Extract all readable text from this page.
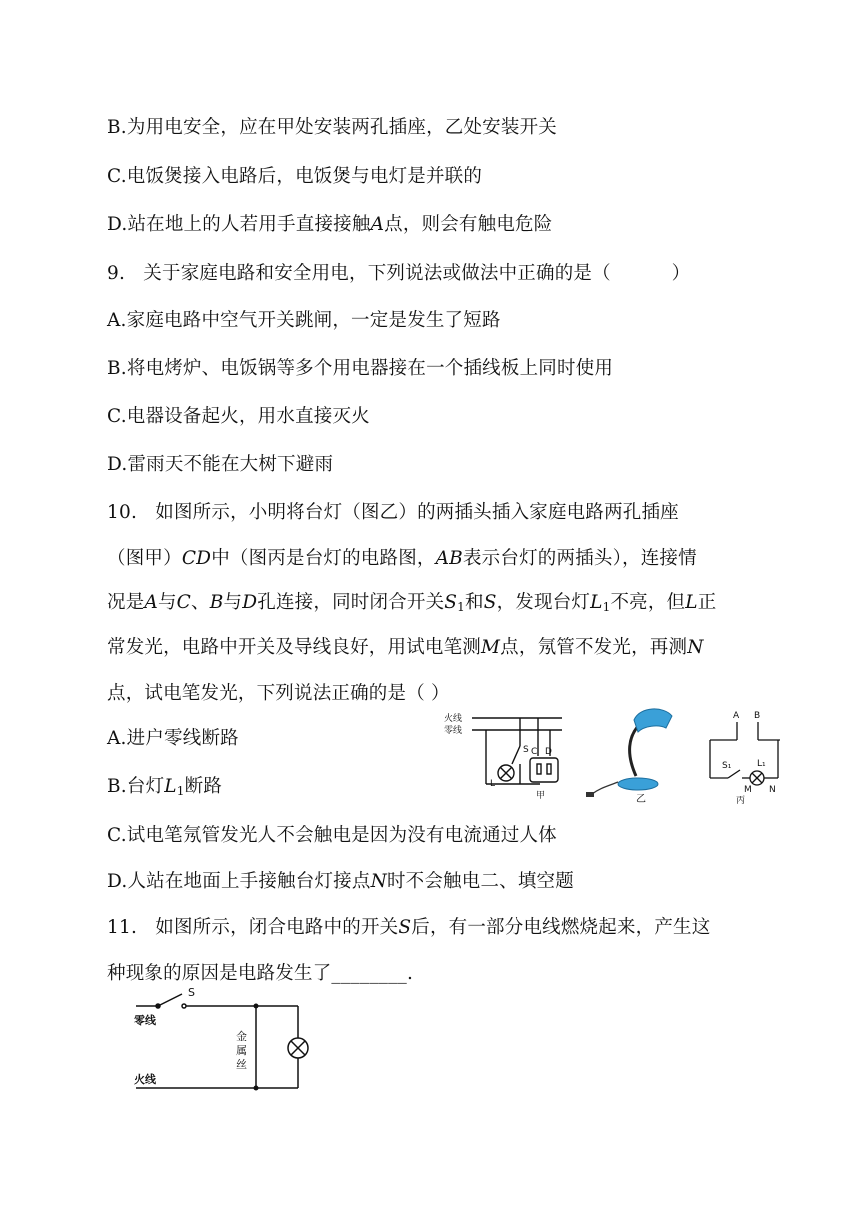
B.为用电安全，应在甲处安装两孔插座，乙处安装开关
C.电饭煲接入电路后，电饭煲与电灯是并联的
D.站在地上的人若用手直接接触A点，则会有触电危险
9.   关于家庭电路和安全用电，下列说法或做法中正确的是（          ）
A.家庭电路中空气开关跳闸，一定是发生了短路
B.将电烤炉、电饭锅等多个用电器接在一个插线板上同时使用
C.电器设备起火，用水直接灭火
D.雷雨天不能在大树下避雨
10.   如图所示，小明将台灯（图乙）的两插头插入家庭电路两孔插座
（图甲）CD中（图丙是台灯的电路图，AB表示台灯的两插头），连接情
况是A与C、B与D孔连接，同时闭合开关$S_1$和S，发现台灯$L_1$不亮，但L正
常发光，电路中开关及导线良好，用试电笔测M点，氖管不发光，再测N
点，试电笔发光，下列说法正确的是（ ）
A.进户零线断路
B.台灯$L_1$断路
C.试电笔氖管发光人不会触电是因为没有电流通过人体
D.人站在地面上手接触台灯接点N时不会触电二、填空题
火线
零线
S
L
C D
甲	乙
A B
S₁	L₁
M N
丙
11.   如图所示，闭合电路中的开关S后，有一部分电线燃烧起来，产生这
种现象的原因是电路发生了________.
S
零线
火线
金
属
丝
